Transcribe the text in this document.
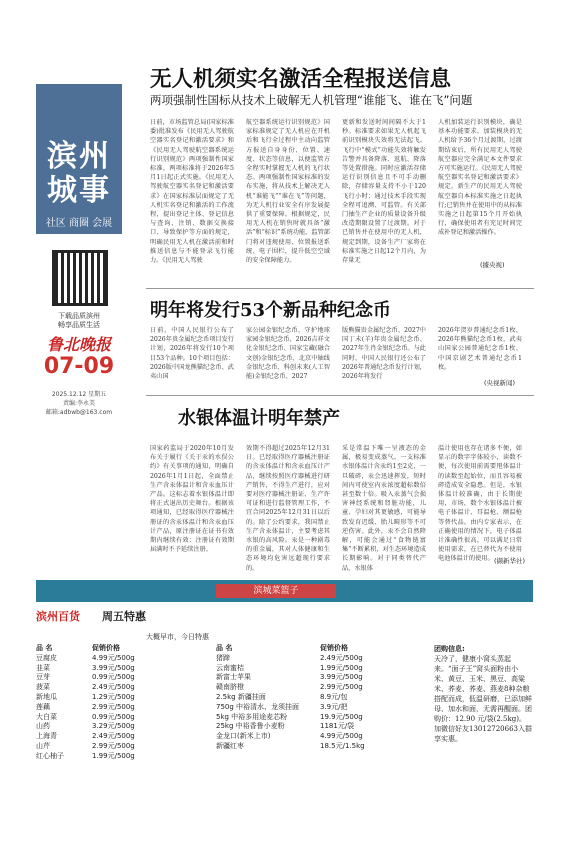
滨州
城事
社区 商圈 会展
下载品质滨州
畅享品质生活
鲁北晚报
07-09
2025.12.12 星期五
责编:李永美
邮箱:adbwb@163.com
无人机须实名激活全程报送信息
两项强制性国标从技术上破解无人机管理“谁能飞、谁在飞”问题
日前，市场监管总局(国家标准委)批准发布《民用无人驾驶航空器实名登记和激活要求》和《民用无人驾驶航空器系统运行识别规范》两项强制性国家标准，两项标准将于2026年5月1日起正式实施。《民用无人驾驶航空器实名登记和激活要求》在国家标准层面规定了无人机实名登记和激活的工作流程，提出登记主体、登记信息与查询、注销、数据交换接口、导致保护等方面的规定，明确民用无人机在激活前和时推送信息与不能登录飞行能力。《民用无人驾驶
航空器系统运行识别规范》国家标准规定了无人机应在开机后和飞行全过程中主动向监管方报送自身身份、位置、速度、状态等信息，以便监管方全程实时掌握无人机的飞行状态。两项强制性国家标准的发布实施，将从技术上解决无人机“谁能飞”“谁在飞”等问题，为无人机行业安全有序发展提供了重要保障。根据规定，民用无人机在销售时就具备“激活”和“标识”系统功能，监管部门将对违规使用、位置报送系统、电子围栏，提升低空空域的安全保障能力。
更新和发送时间间隔不大于1秒。标准要求如果无人机起飞前识别模块失效将无法起飞。飞行中“模式”功能失效将触发告警并具备降落、返航、降落等处置措施。同时应激活存储运行识别信息且不可手动删除，存储容量支持不小于120飞行小时；通过技术手段实现全程可追溯、可监管。有关部门抽生产企业的质量设备升级改造期限设置了过渡期。对于已销售并在使用中的无人机，规定到期，设备生产厂家将在标准实施之日起12个月内，为存量无
人机加装运行识别模块，确是基本功能要求。加装模块的无人机给予36个月过渡期，过渡期结束后，所有民用无人驾驶航空器应完全满足本文件要求方可实施运行。《民用无人驾驶航空器实名登记和激活要求》规定，新生产的民用无人驾驶航空器自本标准实施之日起执行;已销售并在使用中的从标准实施之日起第15个月开始执行，确保使用者有充足时间完成补登记和激活操作。
(據央视)
明年将发行53个新品种纪念币
日前，中国人民银行公布了2026年贵金属纪念币项目发行计划，2026年将发行10个项目53个品种。10个项目包括：2026版中国龙熊猫纪念币、武夷山国
家公园金银纪念币、守护地球家园金银纪念币、2026吉祥文化金银纪念币、国家宝藏(融合文创)金银纪念币、北京中轴线金银纪念币、科创未来(人工智能)金银纪念币、2027
版熊猫贵金属纪念币、2027中国丁未(羊)年贵金属纪念币、2027年生肖金银纪念币。与此同时，中国人民银行还公布了2026年普通纪念币发行计划，2026年将发行
2026年贺岁普通纪念币1枚、2026年熊猫纪念币1枚、武夷山国家公园普通纪念币1枚、中国京剧艺术普通纪念币1枚。
(央视新闻)
水银体温计明年禁产
国家药监局于2020年10月发布关于履行《关于汞的水俣公约》有关事项的通知，明确自2026年1月1日起，全面禁止生产含汞体温计和含汞血压计产品。这标志着水银体温计即将正式退出历史舞台。根据该项通知，已经取得医疗器械注册证的含汞体温计和含汞血压计产品，原注册证在证书有效期内继续有效；注册证有效期届满时不予延续注册。
效期不得超过2025年12月31日。已经取得医疗器械注册证的含汞体温计和含汞血压计产品，继续按照医疗器械进行研产销售，不得生产进行，应对要对医疗器械注册证、生产许可证和进行监督管理工作，不宜合同2025年12月31日以后的。除了公约要求，我国禁止生产含汞体温计，主要考虑其水银的高风险。汞是一种剧毒的重金属，其对人体健康和生态环境均危害远超现行要求的。
采是常温下唯一呈液态的金属，极易变成蒸气。一支标准水银体温计含汞约1至2克，一旦破碎，汞会迅速挥发，短时间内可使室内汞浓度超标数倍甚至数十倍。吸入汞蒸气会损害神经系统和肾脏功能，儿童、孕妇对其更敏感，可能导致发育迟缓、胎儿畸形等不可逆伤害。此外，汞不会自然降解，可能会通过“食物链富集”不断累积，对生态环境造成长期影响。对于同类替代产品，水银体
温计使用也存在诸多不便，如显示的数字字体较小，读数不便，每次使用前需要甩体温计的读数至起始位，而且容易被碎造成安全隐患。但是，水银体温计较准确，由于长期使用，市场，数个水银体温计被电子体温计、耳温枪、额温枪等替代品。由内专家表示，在正确使用的情况下，电子体温计准确性很高，可以满足日常使用需求，在已替代为不使用电池体温计的使用。 (撷新华社)
滨城菜篮子
滨州百货 周五特惠
大概早市，今日特惠
品 名	促销价格
豆腐皮	4.99元/500g
韭菜	3.99元/500g
豆芽	0.99元/500g
菠菜	2.49元/500g
新地瓜	1.29元/500g
莲藕	2.99元/500g
大白菜	0.99元/500g
山药	3.29元/500g
上海青	2.49元/500g
山芹	2.99元/500g
红心柚子	1.99元/500g
品 名	促销价格
猪蹄	2.49元/500g
云南蜜桔	1.99元/500g
新富士苹果	3.99元/500g
赣南脐橙	2.99元/500g
2.5kg 新疆挂面	8.9元/包
750g 中裕清水、龙须挂面	3.9元/把
5kg 中裕多用途麦芯粉	19.9元/500g
25kg 中裕香鲁小麦粉	1181元/袋
金龙口(新米上市)	4.99元/500g
新疆红枣	18.5元/1.5kg
团购信息:
天冷了，健康小窝头蒸起来。“面子王”窝头面粉由小米、黄豆、玉米、黑豆、高粱米、荞麦、荞麦、燕麦8种杂粮搭配而成，低温研磨，已添加鲜母、加水和面，无需再醒面。团购价：12.90 元/袋(2.5kg)。加微信好友13012720663入群享实惠。
